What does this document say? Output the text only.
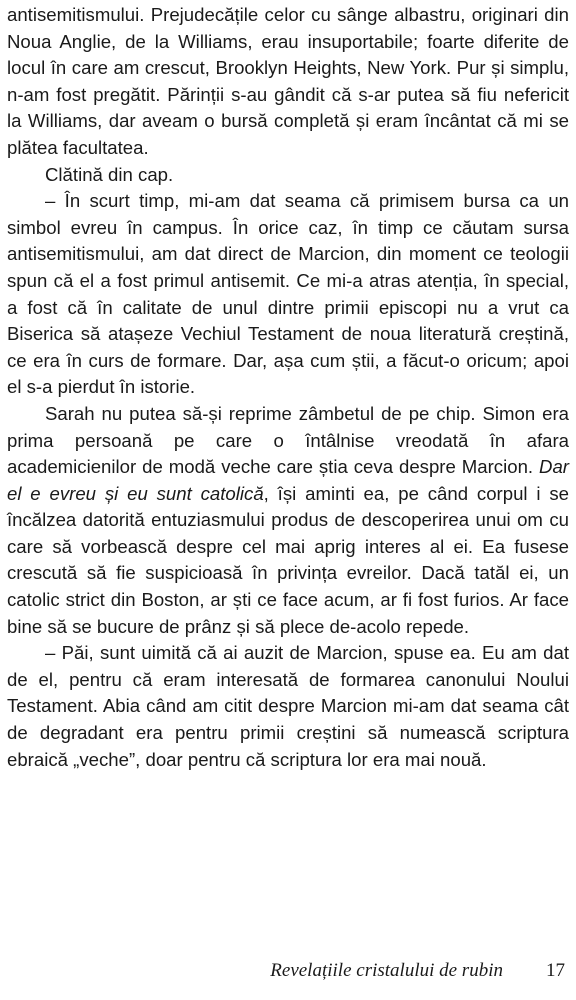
antisemitismului. Prejudecățile celor cu sânge albastru, originari din Noua Anglie, de la Williams, erau insuportabile; foarte diferite de locul în care am crescut, Brooklyn Heights, New York. Pur și simplu, n-am fost pregătit. Părinții s-au gândit că s-ar putea să fiu nefericit la Williams, dar aveam o bursă completă și eram încântat că mi se plătea facultatea.

Clătină din cap.

– În scurt timp, mi-am dat seama că primisem bursa ca un simbol evreu în campus. În orice caz, în timp ce căutam sursa antisemitismului, am dat direct de Marcion, din moment ce teologii spun că el a fost primul antisemit. Ce mi-a atras atenția, în special, a fost că în calitate de unul dintre primii episcopi nu a vrut ca Biserica să atașeze Vechiul Testament de noua literatură creștină, ce era în curs de formare. Dar, așa cum știi, a făcut-o oricum; apoi el s-a pierdut în istorie.

Sarah nu putea să-și reprime zâmbetul de pe chip. Simon era prima persoană pe care o întâlnise vreodată în afara academicienilor de modă veche care știa ceva despre Marcion. Dar el e evreu și eu sunt catolică, își aminti ea, pe când corpul i se încălzea datorită entuziasmului produs de descoperirea unui om cu care să vorbească despre cel mai aprig interes al ei. Ea fusese crescută să fie suspicioasă în privința evreilor. Dacă tatăl ei, un catolic strict din Boston, ar ști ce face acum, ar fi fost furios. Ar face bine să se bucure de prânz și să plece de-acolo repede.

– Păi, sunt uimită că ai auzit de Marcion, spuse ea. Eu am dat de el, pentru că eram interesată de formarea canonului Noului Testament. Abia când am citit despre Marcion mi-am dat seama cât de degradant era pentru primii creștini să numească scriptura ebraică „veche”, doar pentru că scriptura lor era mai nouă.

Revelațiile cristalului de rubin 17
